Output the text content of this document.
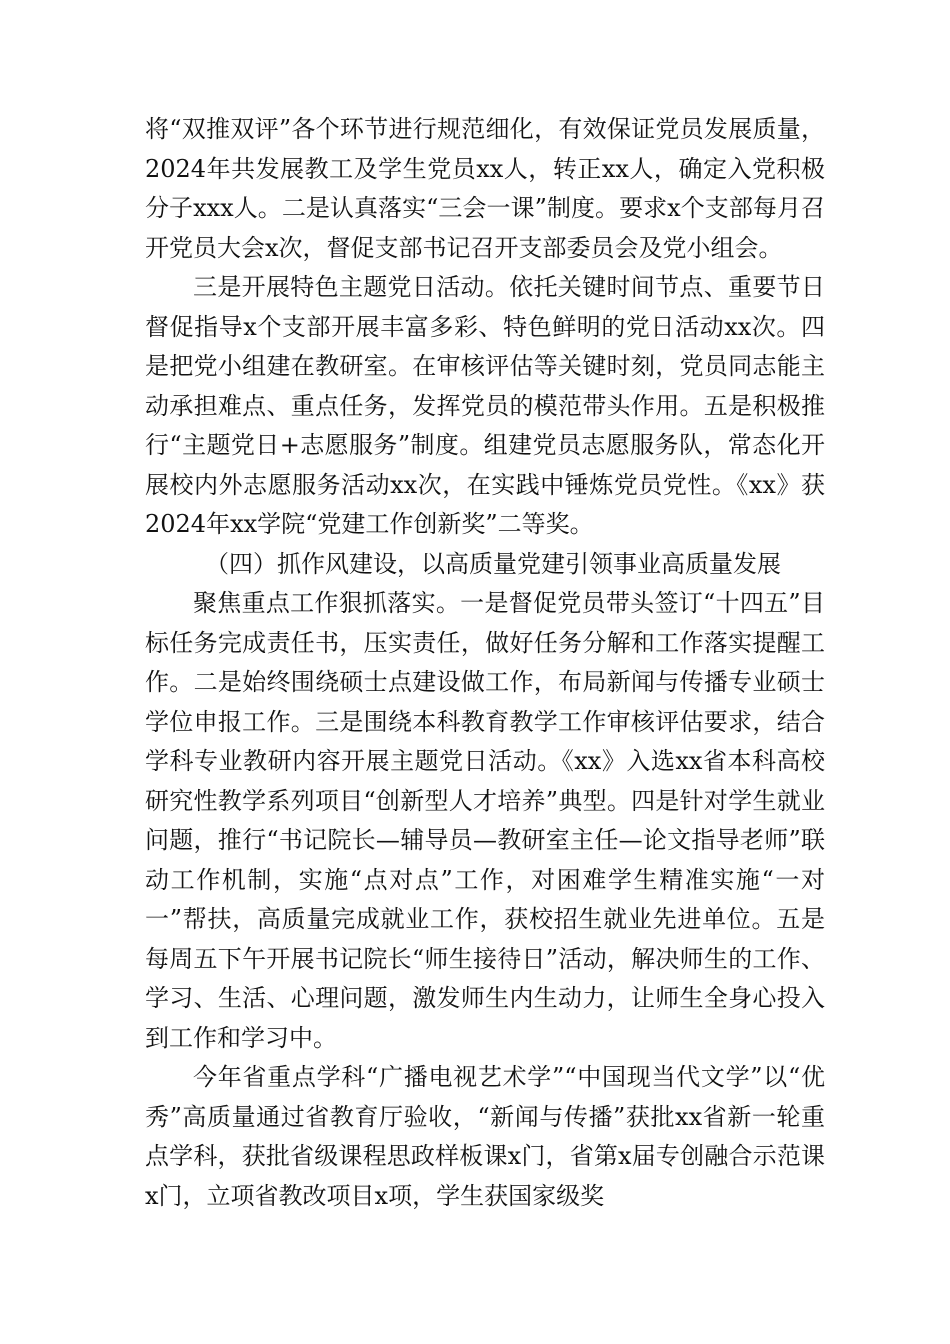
将“双推双评”各个环节进行规范细化，有效保证党员发展质量，2024年共发展教工及学生党员xx人，转正xx人，确定入党积极分子xxx人。二是认真落实“三会一课”制度。要求x个支部每月召开党员大会x次，督促支部书记召开支部委员会及党小组会。

三是开展特色主题党日活动。依托关键时间节点、重要节日督促指导x个支部开展丰富多彩、特色鲜明的党日活动xx次。四是把党小组建在教研室。在审核评估等关键时刻，党员同志能主动承担难点、重点任务，发挥党员的模范带头作用。五是积极推行“主题党日+志愿服务”制度。组建党员志愿服务队，常态化开展校内外志愿服务活动xx次，在实践中锤炼党员党性。《xx》获2024年xx学院“党建工作创新奖”二等奖。

（四）抓作风建设，以高质量党建引领事业高质量发展

聚焦重点工作狠抓落实。一是督促党员带头签订“十四五”目标任务完成责任书，压实责任，做好任务分解和工作落实提醒工作。二是始终围绕硕士点建设做工作，布局新闻与传播专业硕士学位申报工作。三是围绕本科教育教学工作审核评估要求，结合学科专业教研内容开展主题党日活动。《xx》入选xx省本科高校研究性教学系列项目“创新型人才培养”典型。四是针对学生就业问题，推行“书记院长—辅导员—教研室主任—论文指导老师”联动工作机制，实施“点对点”工作，对困难学生精准实施“一对一”帮扶，高质量完成就业工作，获校招生就业先进单位。五是每周五下午开展书记院长“师生接待日”活动，解决师生的工作、学习、生活、心理问题，激发师生内生动力，让师生全身心投入到工作和学习中。

今年省重点学科“广播电视艺术学”“中国现当代文学”以“优秀”高质量通过省教育厅验收，“新闻与传播”获批xx省新一轮重点学科，获批省级课程思政样板课x门，省第x届专创融合示范课x门，立项省教改项目x项，学生获国家级奖
